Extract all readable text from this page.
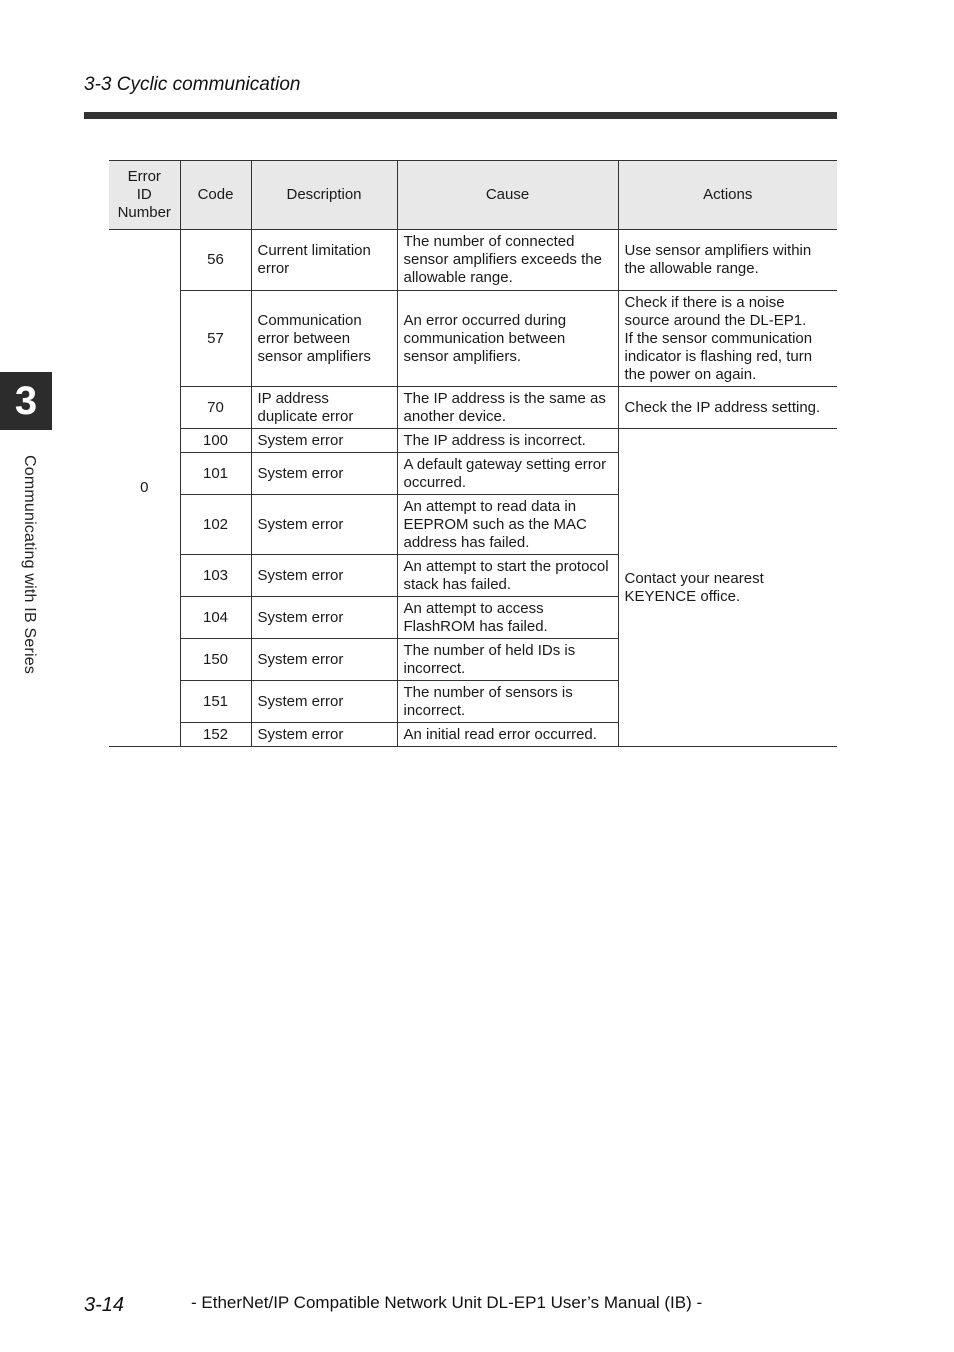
3-3 Cyclic communication
3
Communicating with IB Series
Error
ID
Number	Code	Description	Cause	Actions
0	56	Current limitation error	The number of connected sensor amplifiers exceeds the allowable range.	Use sensor amplifiers within the allowable range.
	57	Communication error between sensor amplifiers	An error occurred during communication between sensor amplifiers.	Check if there is a noise source around the DL-EP1.
If the sensor communication indicator is flashing red, turn the power on again.
	70	IP address duplicate error	The IP address is the same as another device.	Check the IP address setting.
	100	System error	The IP address is incorrect.	Contact your nearest KEYENCE office.
	101	System error	A default gateway setting error occurred.	
	102	System error	An attempt to read data in EEPROM such as the MAC address has failed.	
	103	System error	An attempt to start the protocol stack has failed.	
	104	System error	An attempt to access FlashROM has failed.	
	150	System error	The number of held IDs is incorrect.	
	151	System error	The number of sensors is incorrect.	
	152	System error	An initial read error occurred.	
3-14	- EtherNet/IP Compatible Network Unit DL-EP1 User’s Manual (IB) -
